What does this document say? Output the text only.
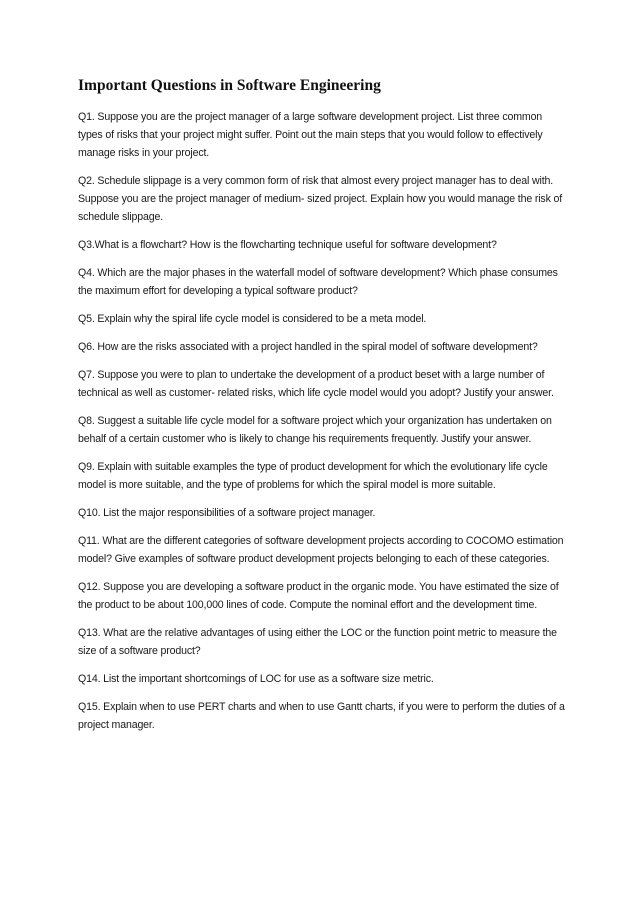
Important Questions in Software Engineering

Q1. Suppose you are the project manager of a large software development project. List three common types of risks that your project might suffer. Point out the main steps that you would follow to effectively manage risks in your project.

Q2. Schedule slippage is a very common form of risk that almost every project manager has to deal with. Suppose you are the project manager of medium- sized project. Explain how you would manage the risk of schedule slippage.

Q3.What is a flowchart? How is the flowcharting technique useful for software development?

Q4. Which are the major phases in the waterfall model of software development? Which phase consumes the maximum effort for developing a typical software product?

Q5. Explain why the spiral life cycle model is considered to be a meta model.

Q6. How are the risks associated with a project handled in the spiral model of software development?

Q7. Suppose you were to plan to undertake the development of a product beset with a large number of technical as well as customer- related risks, which life cycle model would you adopt? Justify your answer.

Q8. Suggest a suitable life cycle model for a software project which your organization has undertaken on behalf of a certain customer who is likely to change his requirements frequently. Justify your answer.

Q9. Explain with suitable examples the type of product development for which the evolutionary life cycle model is more suitable, and the type of problems for which the spiral model is more suitable.

Q10. List the major responsibilities of a software project manager.

Q11. What are the different categories of software development projects according to COCOMO estimation model? Give examples of software product development projects belonging to each of these categories.

Q12. Suppose you are developing a software product in the organic mode. You have estimated the size of the product to be about 100,000 lines of code. Compute the nominal effort and the development time.

Q13. What are the relative advantages of using either the LOC or the function point metric to measure the size of a software product?

Q14. List the important shortcomings of LOC for use as a software size metric.

Q15. Explain when to use PERT charts and when to use Gantt charts, if you were to perform the duties of a project manager.
